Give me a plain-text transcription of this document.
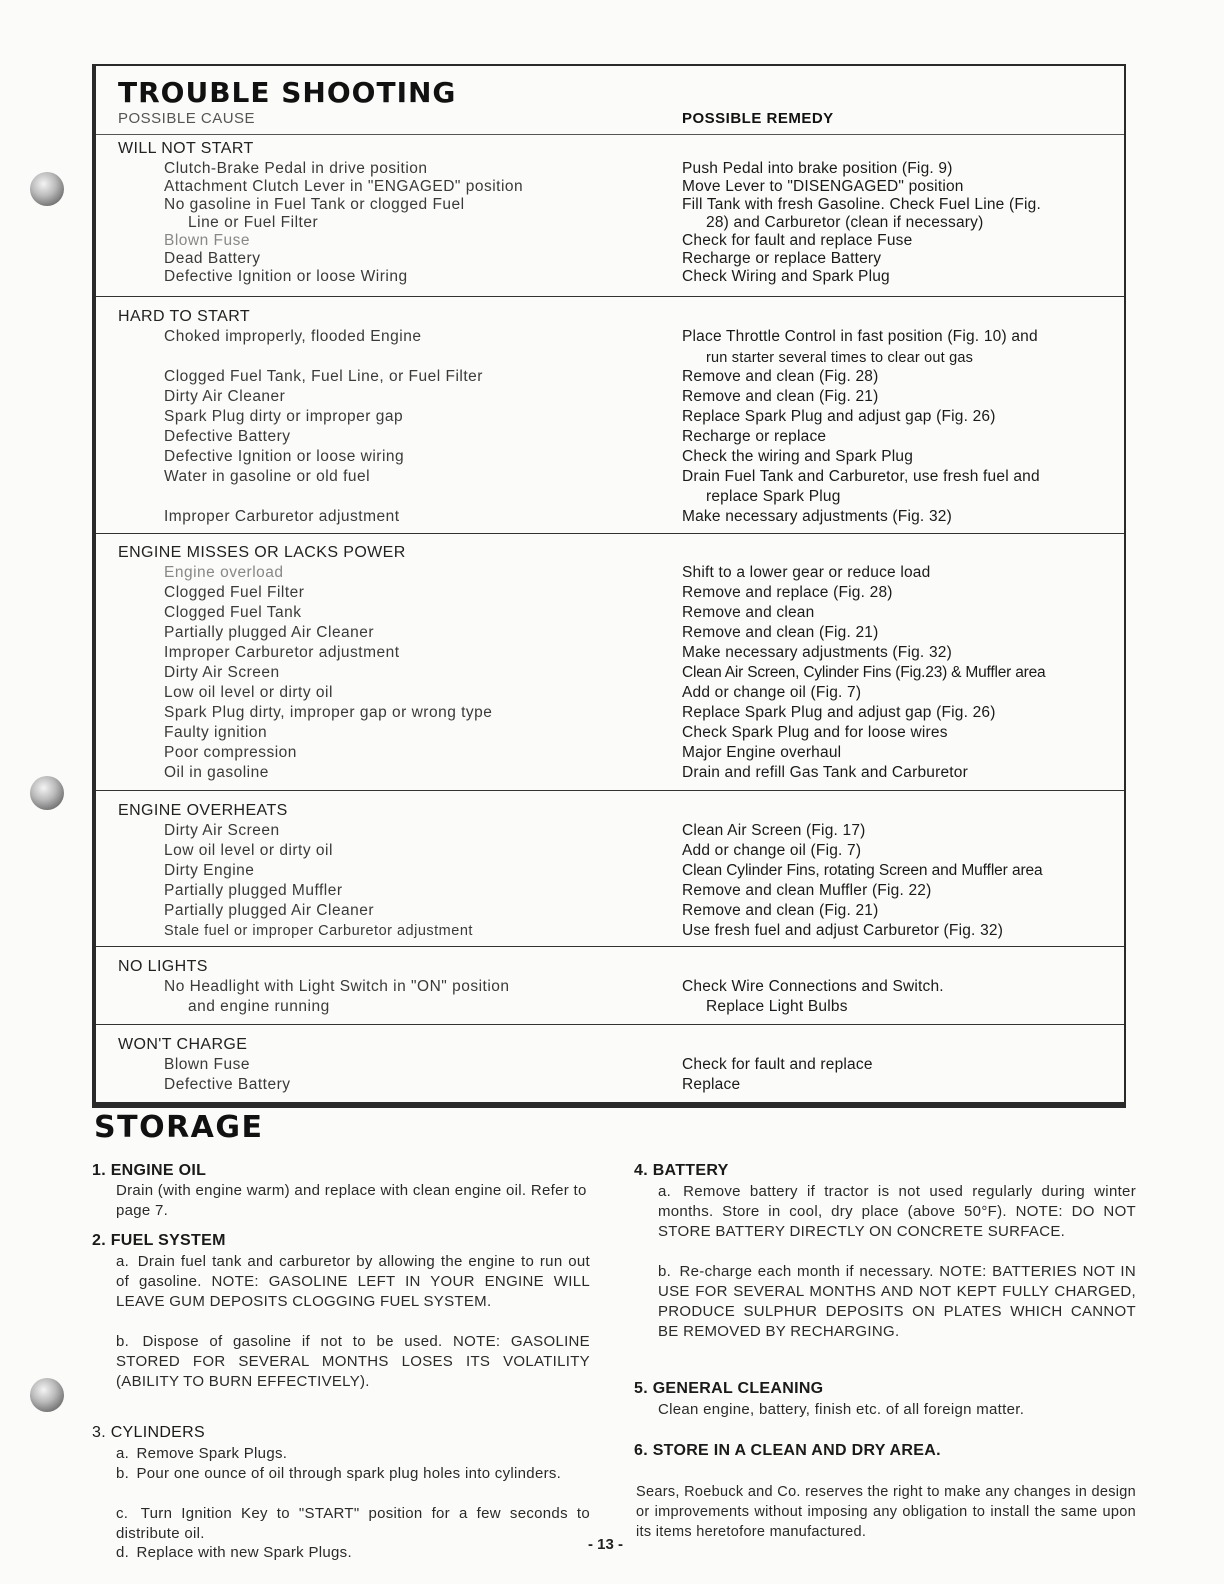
TROUBLE SHOOTING
POSSIBLE CAUSE	POSSIBLE REMEDY
WILL NOT START
Clutch-Brake Pedal in drive position	Push Pedal into brake position (Fig. 9)
Attachment Clutch Lever in "ENGAGED" position	Move Lever to "DISENGAGED" position
No gasoline in Fuel Tank or clogged Fuel	Fill Tank with fresh Gasoline. Check Fuel Line (Fig.
Line or Fuel Filter	28) and Carburetor (clean if necessary)
Blown Fuse	Check for fault and replace Fuse
Dead Battery	Recharge or replace Battery
Defective Ignition or loose Wiring	Check Wiring and Spark Plug
HARD TO START
Choked improperly, flooded Engine	Place Throttle Control in fast position (Fig. 10) and
run starter several times to clear out gas
Clogged Fuel Tank, Fuel Line, or Fuel Filter	Remove and clean (Fig. 28)
Dirty Air Cleaner	Remove and clean (Fig. 21)
Spark Plug dirty or improper gap	Replace Spark Plug and adjust gap (Fig. 26)
Defective Battery	Recharge or replace
Defective Ignition or loose wiring	Check the wiring and Spark Plug
Water in gasoline or old fuel	Drain Fuel Tank and Carburetor, use fresh fuel and
replace Spark Plug
Improper Carburetor adjustment	Make necessary adjustments (Fig. 32)
ENGINE MISSES OR LACKS POWER
Engine overload	Shift to a lower gear or reduce load
Clogged Fuel Filter	Remove and replace (Fig. 28)
Clogged Fuel Tank	Remove and clean
Partially plugged Air Cleaner	Remove and clean (Fig. 21)
Improper Carburetor adjustment	Make necessary adjustments (Fig. 32)
Dirty Air Screen	Clean Air Screen, Cylinder Fins (Fig.23) & Muffler area
Low oil level or dirty oil	Add or change oil (Fig. 7)
Spark Plug dirty, improper gap or wrong type	Replace Spark Plug and adjust gap (Fig. 26)
Faulty ignition	Check Spark Plug and for loose wires
Poor compression	Major Engine overhaul
Oil in gasoline	Drain and refill Gas Tank and Carburetor
ENGINE OVERHEATS
Dirty Air Screen	Clean Air Screen (Fig. 17)
Low oil level or dirty oil	Add or change oil (Fig. 7)
Dirty Engine	Clean Cylinder Fins, rotating Screen and Muffler area
Partially plugged Muffler	Remove and clean Muffler (Fig. 22)
Partially plugged Air Cleaner	Remove and clean (Fig. 21)
Stale fuel or improper Carburetor adjustment	Use fresh fuel and adjust Carburetor (Fig. 32)
NO LIGHTS
No Headlight with Light Switch in "ON" position	Check Wire Connections and Switch.
and engine running	Replace Light Bulbs
WON'T CHARGE
Blown Fuse	Check for fault and replace
Defective Battery	Replace
STORAGE
1. ENGINE OIL
Drain (with engine warm) and replace with clean engine oil. Refer to page 7.
2. FUEL SYSTEM
a. Drain fuel tank and carburetor by allowing the engine to run out of gasoline. NOTE: GASOLINE LEFT IN YOUR ENGINE WILL LEAVE GUM DEPOSITS CLOGGING FUEL SYSTEM.
b. Dispose of gasoline if not to be used. NOTE: GASOLINE STORED FOR SEVERAL MONTHS LOSES ITS VOLATILITY (ABILITY TO BURN EFFECTIVELY).
3. CYLINDERS
a. Remove Spark Plugs.
b. Pour one ounce of oil through spark plug holes into cylinders.
c. Turn Ignition Key to "START" position for a few seconds to distribute oil.
d. Replace with new Spark Plugs.
4. BATTERY
a. Remove battery if tractor is not used regularly during winter months. Store in cool, dry place (above 50°F). NOTE: DO NOT STORE BATTERY DIRECTLY ON CONCRETE SURFACE.
b. Re-charge each month if necessary. NOTE: BATTERIES NOT IN USE FOR SEVERAL MONTHS AND NOT KEPT FULLY CHARGED, PRODUCE SULPHUR DEPOSITS ON PLATES WHICH CANNOT BE REMOVED BY RECHARGING.
5. GENERAL CLEANING
Clean engine, battery, finish etc. of all foreign matter.
6. STORE IN A CLEAN AND DRY AREA.
Sears, Roebuck and Co. reserves the right to make any changes in design or improvements without imposing any obligation to install the same upon its items heretofore manufactured.
- 13 -
